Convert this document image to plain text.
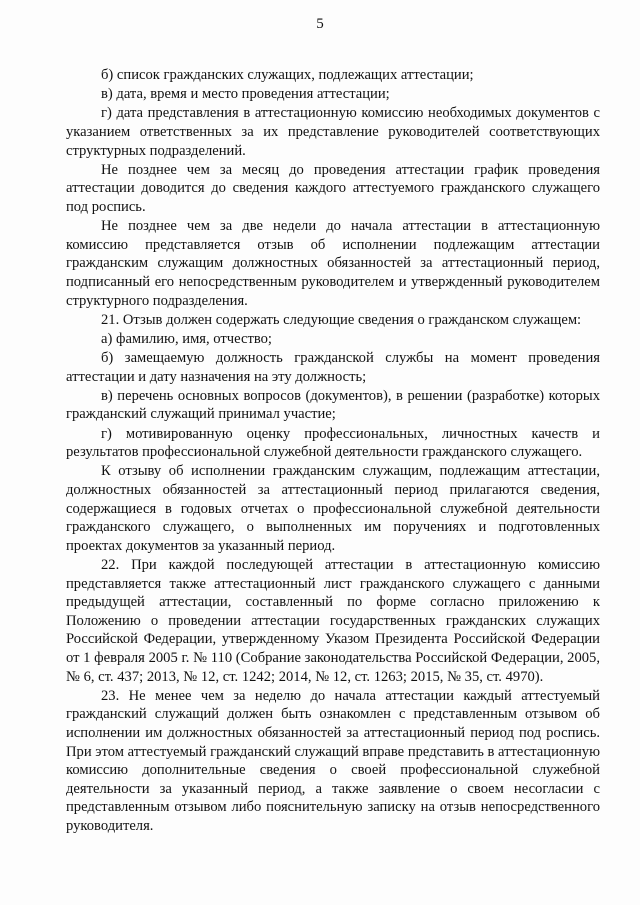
5

б) список гражданских служащих, подлежащих аттестации;

в) дата, время и место проведения аттестации;

г) дата представления в аттестационную комиссию необходимых документов с указанием ответственных за их представление руководителей соответствующих структурных подразделений.

Не позднее чем за месяц до проведения аттестации график проведения аттестации доводится до сведения каждого аттестуемого гражданского служащего под роспись.

Не позднее чем за две недели до начала аттестации в аттестационную комиссию представляется отзыв об исполнении подлежащим аттестации гражданским служащим должностных обязанностей за аттестационный период, подписанный его непосредственным руководителем и утвержденный руководителем структурного подразделения.

21. Отзыв должен содержать следующие сведения о гражданском служащем:

а) фамилию, имя, отчество;

б) замещаемую должность гражданской службы на момент проведения аттестации и дату назначения на эту должность;

в) перечень основных вопросов (документов), в решении (разработке) которых гражданский служащий принимал участие;

г) мотивированную оценку профессиональных, личностных качеств и результатов профессиональной служебной деятельности гражданского служащего.

К отзыву об исполнении гражданским служащим, подлежащим аттестации, должностных обязанностей за аттестационный период прилагаются сведения, содержащиеся в годовых отчетах о профессиональной служебной деятельности гражданского служащего, о выполненных им поручениях и подготовленных проектах документов за указанный период.

22. При каждой последующей аттестации в аттестационную комиссию представляется также аттестационный лист гражданского служащего с данными предыдущей аттестации, составленный по форме согласно приложению к Положению о проведении аттестации государственных гражданских служащих Российской Федерации, утвержденному Указом Президента Российской Федерации от 1 февраля 2005 г. № 110 (Собрание законодательства Российской Федерации, 2005, № 6, ст. 437; 2013, № 12, ст. 1242; 2014, № 12, ст. 1263; 2015, № 35, ст. 4970).

23. Не менее чем за неделю до начала аттестации каждый аттестуемый гражданский служащий должен быть ознакомлен с представленным отзывом об исполнении им должностных обязанностей за аттестационный период под роспись. При этом аттестуемый гражданский служащий вправе представить в аттестационную комиссию дополнительные сведения о своей профессиональной служебной деятельности за указанный период, а также заявление о своем несогласии с представленным отзывом либо пояснительную записку на отзыв непосредственного руководителя.
